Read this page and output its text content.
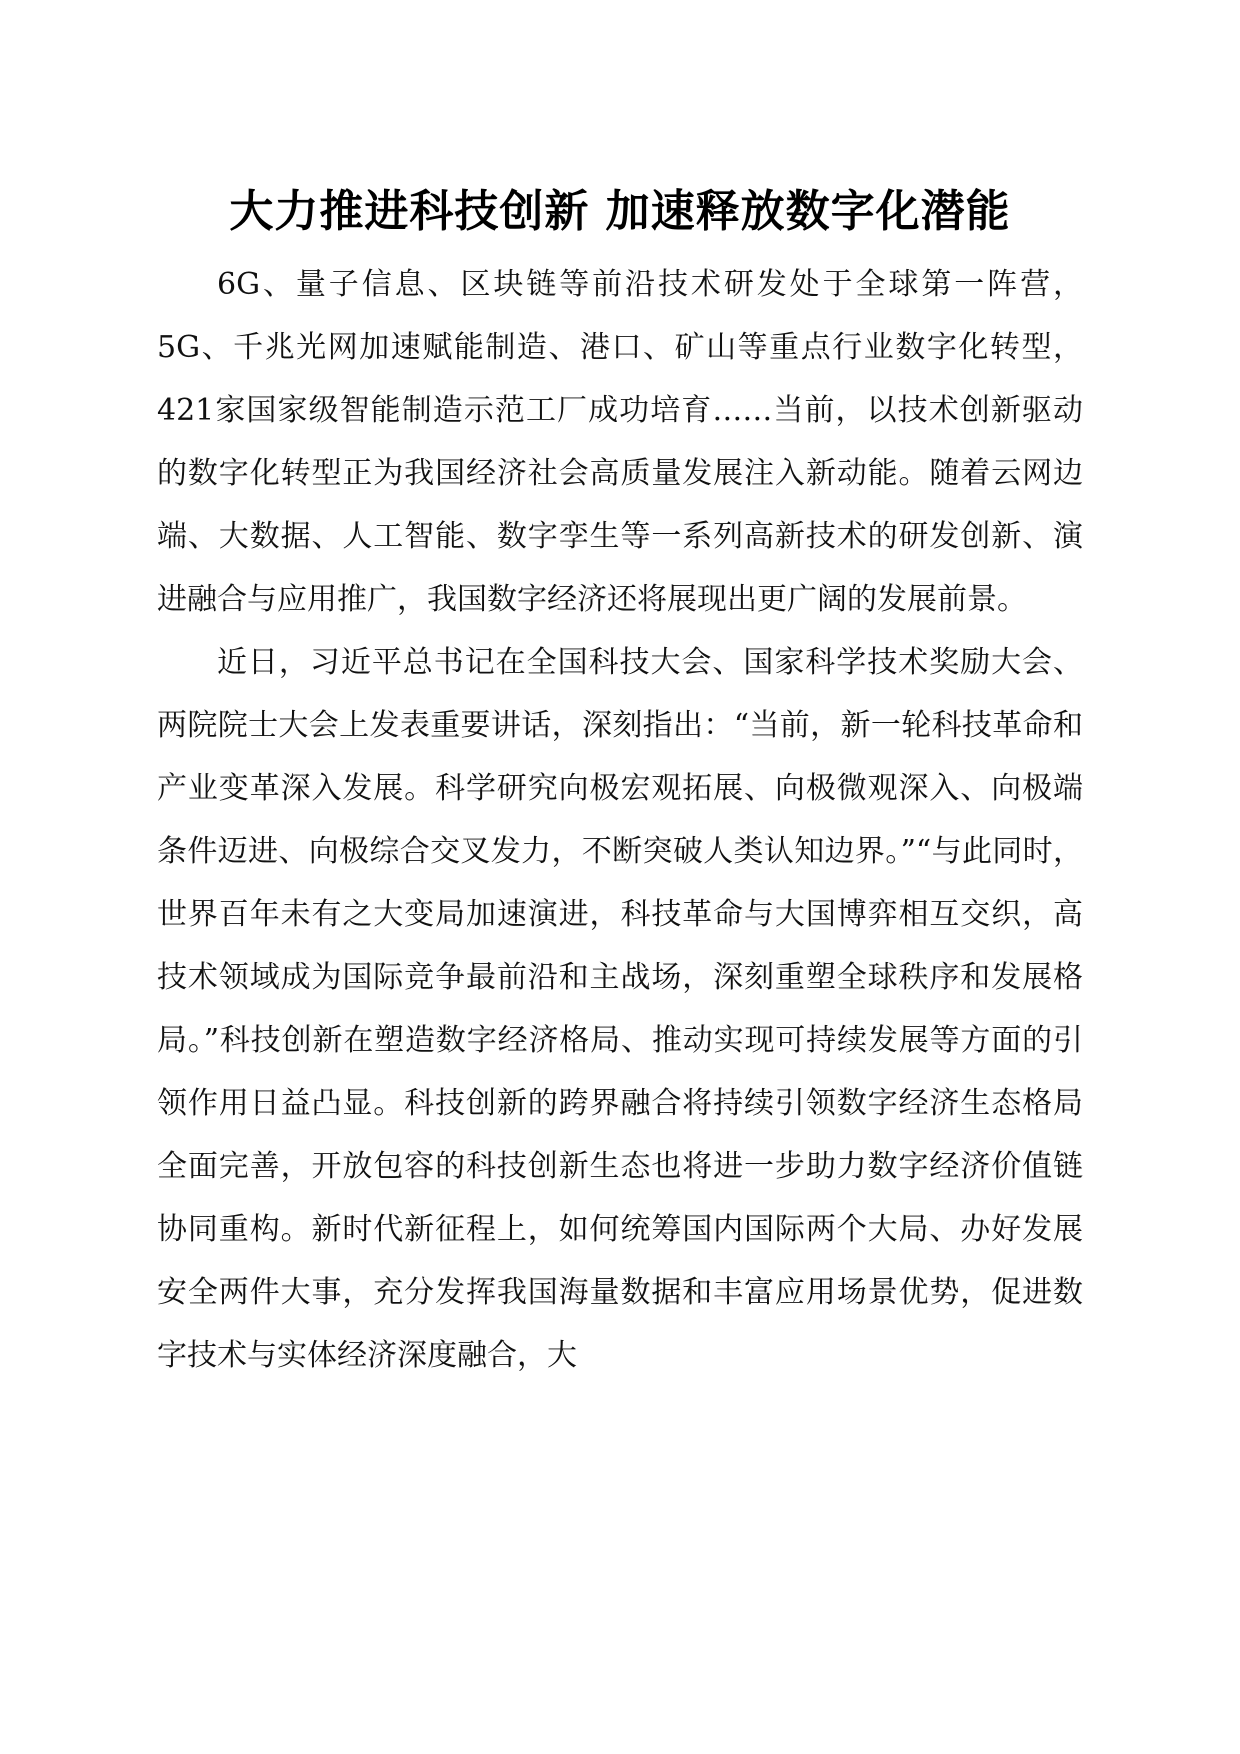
大力推进科技创新 加速释放数字化潜能

6G、量子信息、区块链等前沿技术研发处于全球第一阵营，5G、千兆光网加速赋能制造、港口、矿山等重点行业数字化转型，421家国家级智能制造示范工厂成功培育……当前，以技术创新驱动的数字化转型正为我国经济社会高质量发展注入新动能。随着云网边端、大数据、人工智能、数字孪生等一系列高新技术的研发创新、演进融合与应用推广，我国数字经济还将展现出更广阔的发展前景。

近日，习近平总书记在全国科技大会、国家科学技术奖励大会、两院院士大会上发表重要讲话，深刻指出：“当前，新一轮科技革命和产业变革深入发展。科学研究向极宏观拓展、向极微观深入、向极端条件迈进、向极综合交叉发力，不断突破人类认知边界。”“与此同时，世界百年未有之大变局加速演进，科技革命与大国博弈相互交织，高技术领域成为国际竞争最前沿和主战场，深刻重塑全球秩序和发展格局。”科技创新在塑造数字经济格局、推动实现可持续发展等方面的引领作用日益凸显。科技创新的跨界融合将持续引领数字经济生态格局全面完善，开放包容的科技创新生态也将进一步助力数字经济价值链协同重构。新时代新征程上，如何统筹国内国际两个大局、办好发展安全两件大事，充分发挥我国海量数据和丰富应用场景优势，促进数字技术与实体经济深度融合，大
